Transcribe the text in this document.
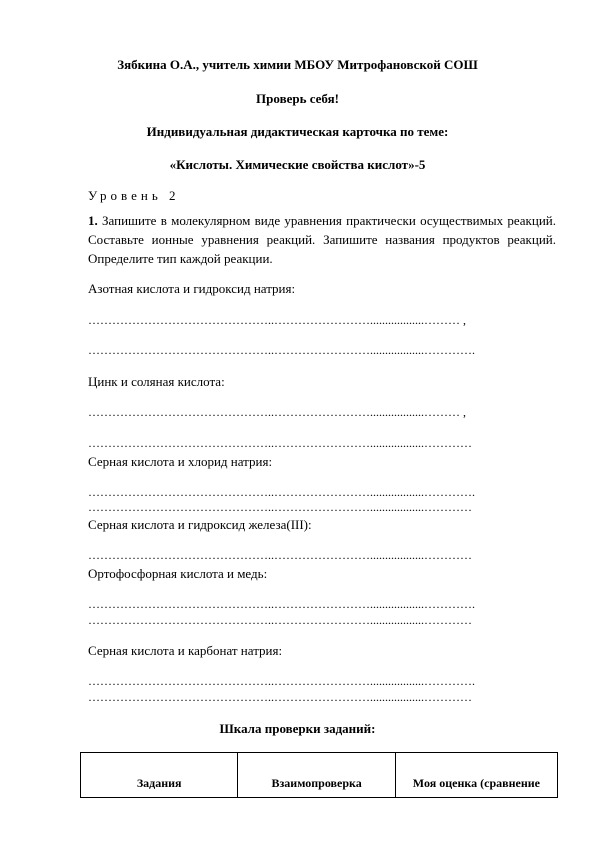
Зябкина О.А., учитель химии МБОУ Митрофановской СОШ
Проверь себя!
Индивидуальная дидактическая карточка по теме:
«Кислоты. Химические свойства кислот»-5
Уровень 2
1. Запишите в молекулярном виде уравнения практически осуществимых реакций. Составьте ионные уравнения реакций. Запишите названия продуктов реакций. Определите тип каждой реакции.
Азотная кислота и гидроксид натрия:
………………………………………..……………………..................……… ,
………………………………………..……………………..................………….
Цинк и соляная кислота:
………………………………………..……………………..................……… ,
………………………………………..……………………..................…………
Серная кислота и хлорид натрия:
………………………………………..……………………..................………….
………………………………………..……………………..................…………
Серная кислота и гидроксид железа(III):
………………………………………..……………………..................…………
Ортофосфорная кислота и медь:
………………………………………..……………………..................………….
………………………………………..……………………..................…………
Серная кислота и карбонат натрия:
………………………………………..……………………..................………….
………………………………………..……………………..................…………
Шкала проверки заданий:
Задания	Взаимопроверка	Моя оценка (сравнение
